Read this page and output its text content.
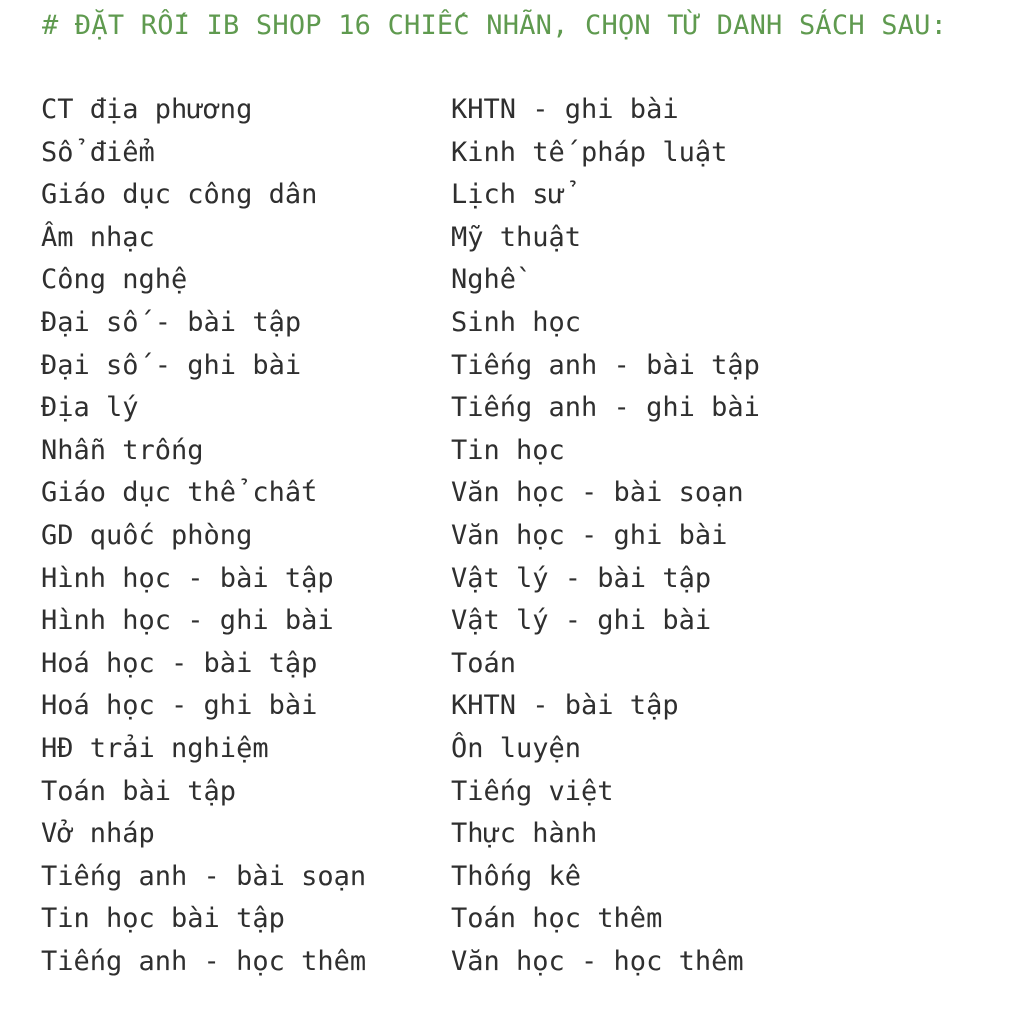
# ĐẶT RỐI IB SHOP 16 CHIẾC NHÃN, CHỌN TỪ DANH SÁCH SAU:
CT địa phương
Sổ điểm
Giáo dục công dân
Âm nhạc
Công nghệ
Đại số - bài tập
Đại số - ghi bài
Địa lý
Nhẫn trống
Giáo dục thể chất
GD quốc phòng
Hình học - bài tập
Hình học - ghi bài
Hoá học - bài tập
Hoá học - ghi bài
HĐ trải nghiệm
Toán bài tập
Vở nháp
Tiếng anh - bài soạn
Tin học bài tập
Tiếng anh - học thêm
KHTN - ghi bài
Kinh tế pháp luật
Lịch sử
Mỹ thuật
Nghề
Sinh học
Tiếng anh - bài tập
Tiếng anh - ghi bài
Tin học
Văn học - bài soạn
Văn học - ghi bài
Vật lý - bài tập
Vật lý - ghi bài
Toán
KHTN - bài tập
Ôn luyện
Tiếng việt
Thực hành
Thống kê
Toán học thêm
Văn học - học thêm
